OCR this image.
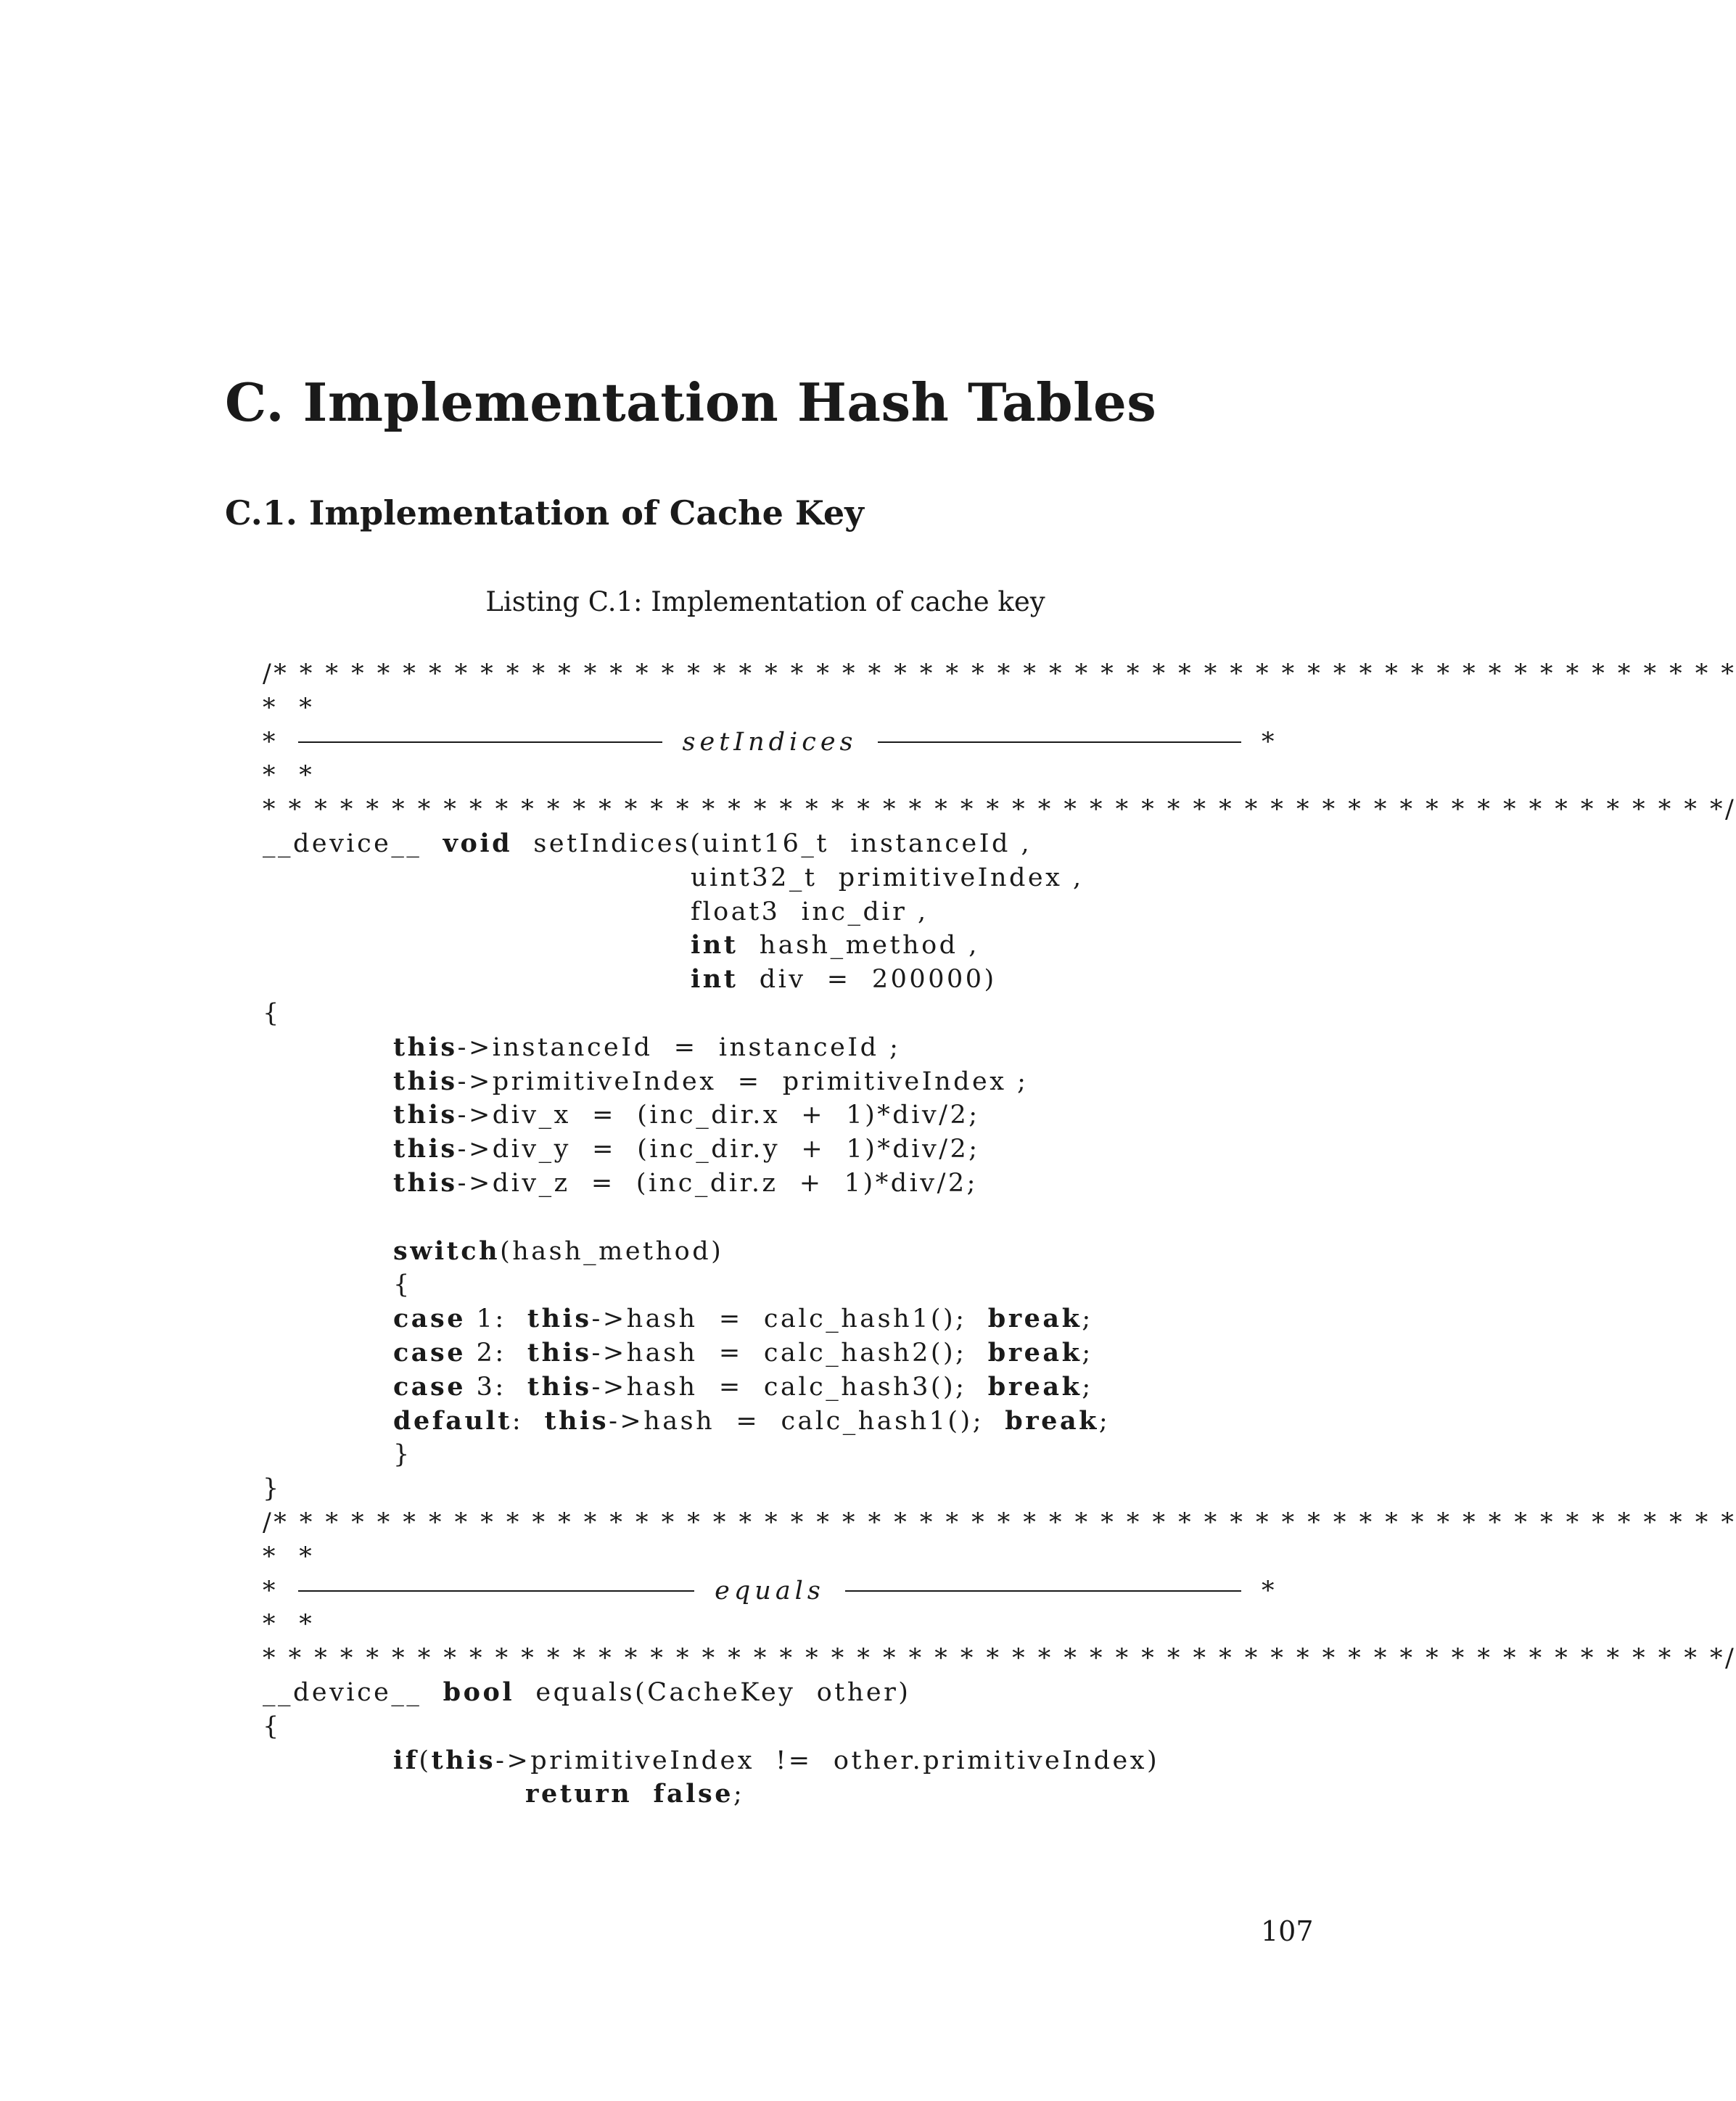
C. Implementation Hash Tables
C.1. Implementation of Cache Key
Listing C.1: Implementation of cache key
/* * * * * * * * * * * * * * * * * * * * * * * * * * * * * * * * * * * * * * * * * * * * * * * * * * * * * * * * *
*  *
*	setIndices	*
*  *
* * * * * * * * * * * * * * * * * * * * * * * * * * * * * * * * * * * * * * * * * * * * * * * * * * * * * * * * */
__device__ void setIndices(uint16_t  instanceId ,
uint32_t  primitiveIndex ,
float3  inc_dir ,
int hash_method ,
int div  =  200000)
{
this->instanceId  =  instanceId ;
this->primitiveIndex  =  primitiveIndex ;
this->div_x  =  (inc_dir.x  +  1)*div/2;
this->div_y  =  (inc_dir.y  +  1)*div/2;
this->div_z  =  (inc_dir.z  +  1)*div/2;
switch(hash_method)
{
case 1:  this->hash  =  calc_hash1();  break;
case 2:  this->hash  =  calc_hash2();  break;
case 3:  this->hash  =  calc_hash3();  break;
default:  this->hash  =  calc_hash1();  break;
}
}
/* * * * * * * * * * * * * * * * * * * * * * * * * * * * * * * * * * * * * * * * * * * * * * * * * * * * * * * * *
*  *
*	equals	*
*  *
* * * * * * * * * * * * * * * * * * * * * * * * * * * * * * * * * * * * * * * * * * * * * * * * * * * * * * * * */
__device__ bool equals(CacheKey  other)
{
if(this->primitiveIndex  !=  other.primitiveIndex)
return false;
107
